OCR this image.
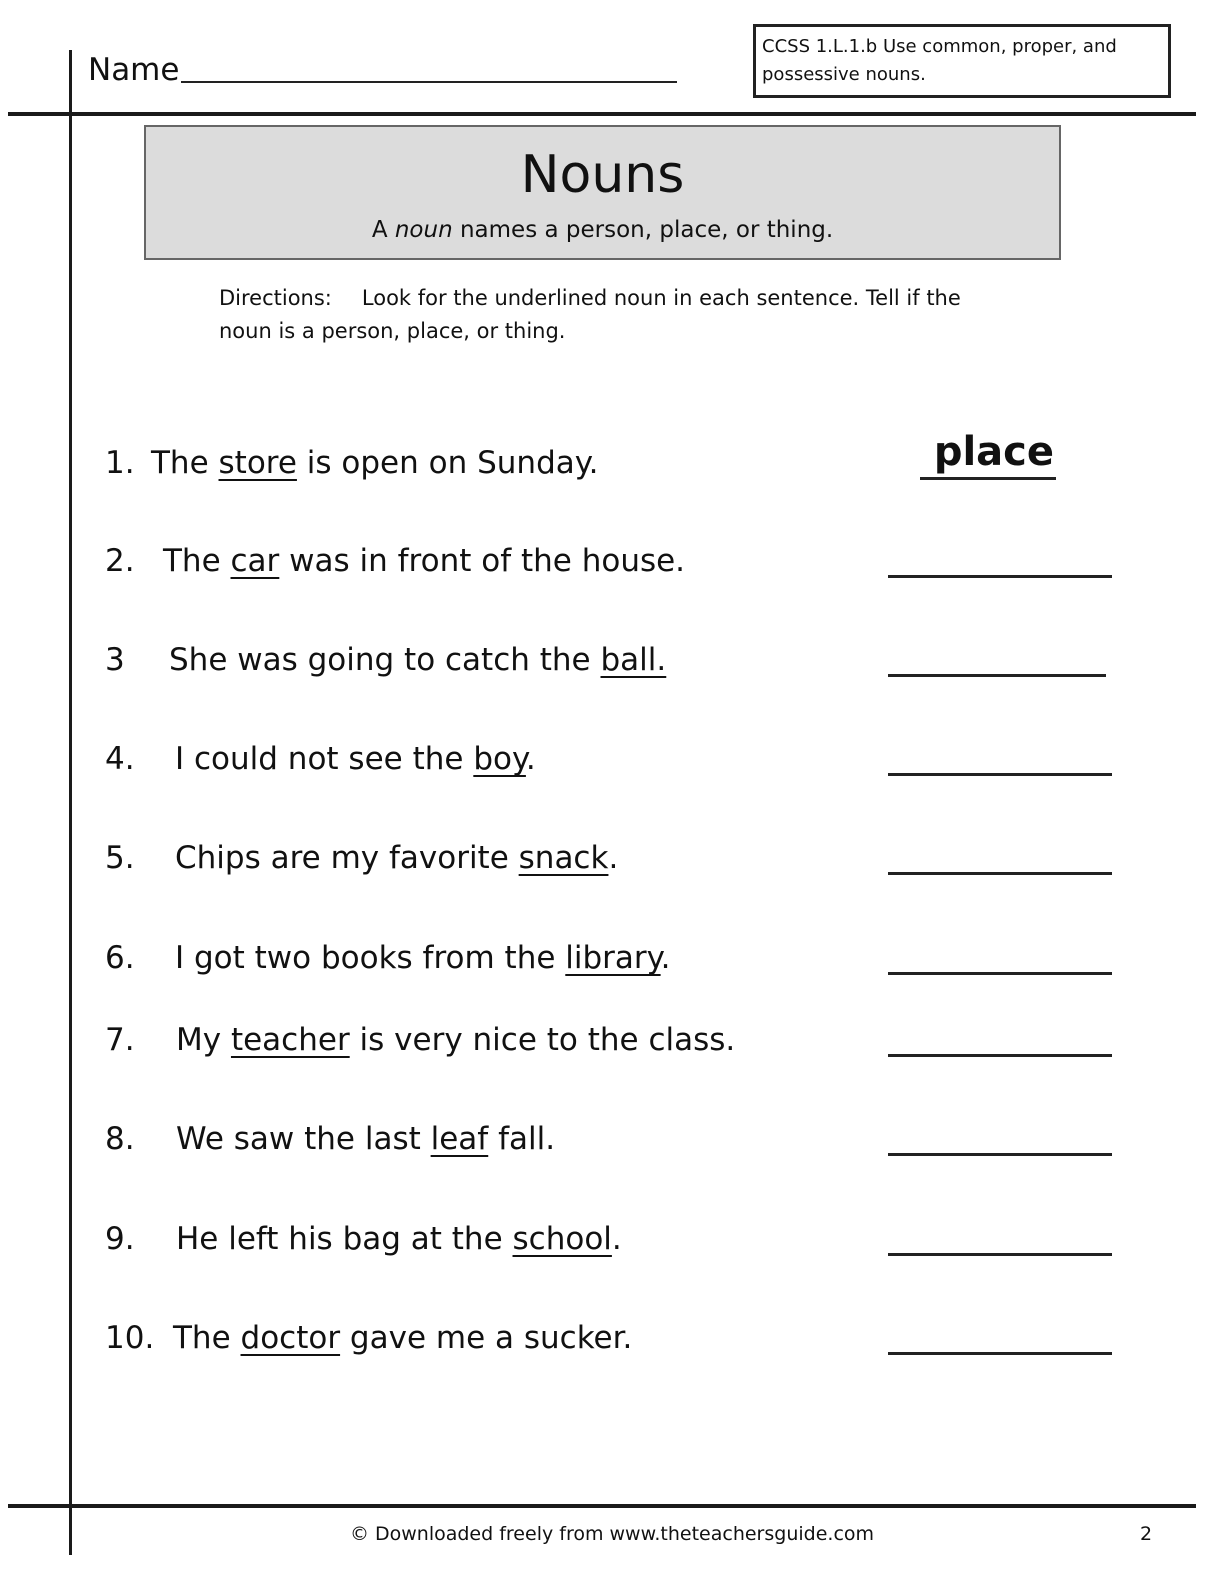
Name
CCSS 1.L.1.b Use common, proper, and possessive nouns.
Nouns
A noun names a person, place, or thing.
Directions: Look for the underlined noun in each sentence. Tell if the noun is a person, place, or thing.
1. The store is open on Sunday.	place
2. The car was in front of the house.
3 She was going to catch the ball.
4. I could not see the boy.
5. Chips are my favorite snack.
6. I got two books from the library.
7. My teacher is very nice to the class.
8. We saw the last leaf fall.
9. He left his bag at the school.
10. The doctor gave me a sucker.
© Downloaded freely from www.theteachersguide.com	2
